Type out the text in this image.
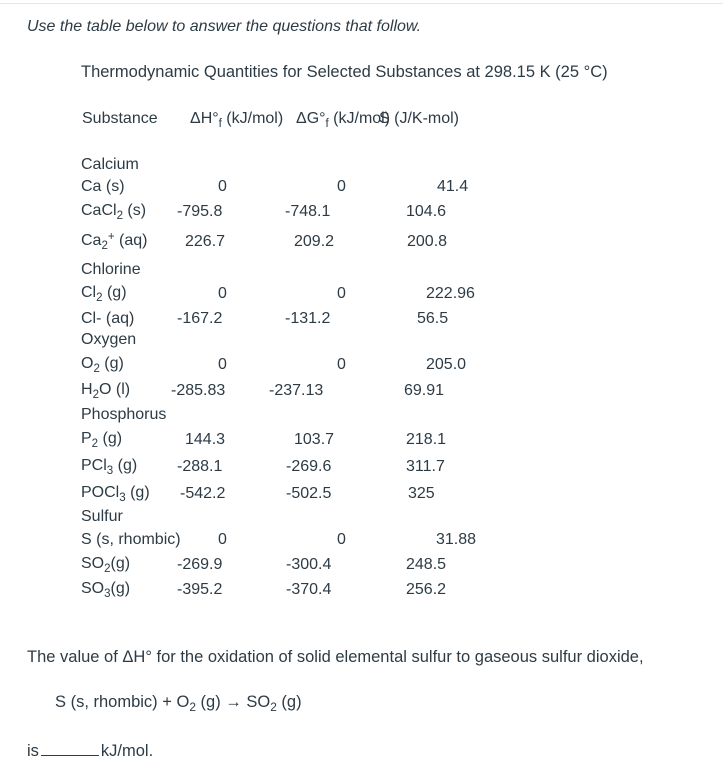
Use the table below to answer the questions that follow.
Thermodynamic Quantities for Selected Substances at 298.15 K (25 °C)
Substance $\Delta H^\circ_f$ (kJ/mol) $\Delta G^\circ_f$ (kJ/mol)
S (J/K-mol)
Calcium
Ca (s)	0	0	41.4
CaCl$_2$ (s) -795.8	-748.1	104.6
$Ca_2^+$ (aq) 226.7	209.2	200.8
Chlorine
$Cl_2$ (g)	0	0	222.96
Cl- (aq)	-167.2	-131.2	56.5
Oxygen
$O_2$ (g)	0	0	205.0
$H_2O$ (l)	-285.83	-237.13	69.91
Phosphorus
$P_2$ (g)	144.3	103.7	218.1
PCl$_3$ (g) -288.1	-269.6	311.7
POCl$_3$ (g) -542.2	-502.5	325
Sulfur
S (s, rhombic) 0	0	31.88
$SO_2(g)$	-269.9	-300.4	248.5
$SO_3(g)$	-395.2	-370.4	256.2
The value of ΔH° for the oxidation of solid elemental sulfur to gaseous sulfur dioxide,
S (s, rhombic) + $O_2$ $(g) \to SO_2$ (g)
is	kJ/mol.
